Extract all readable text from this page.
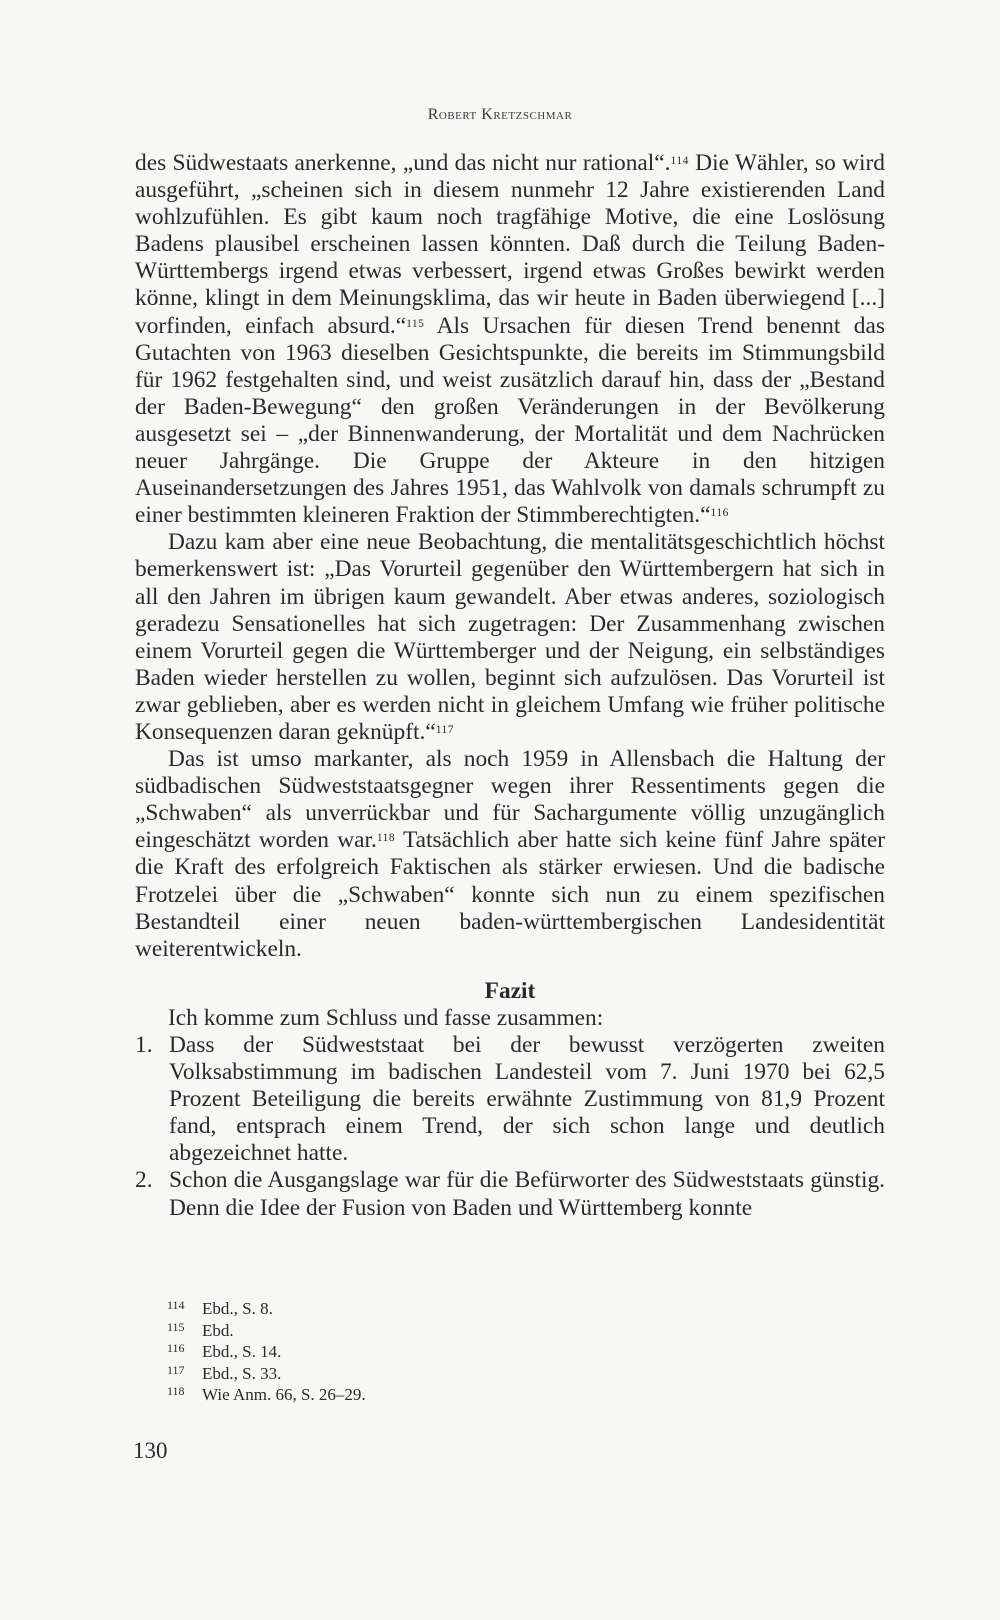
Robert Kretzschmar

des Südwestaats anerkenne, „und das nicht nur rational“.$^{114}$ Die Wähler, so wird ausgeführt, „scheinen sich in diesem nunmehr 12 Jahre existierenden Land wohlzufühlen. Es gibt kaum noch tragfähige Motive, die eine Loslösung Badens plausibel erscheinen lassen könnten. Daß durch die Teilung Baden-Württembergs irgend etwas verbessert, irgend etwas Großes bewirkt werden könne, klingt in dem Meinungsklima, das wir heute in Baden überwiegend [...] vorfinden, einfach absurd.“$^{115}$ Als Ursachen für diesen Trend benennt das Gutachten von 1963 dieselben Gesichtspunkte, die bereits im Stimmungsbild für 1962 festgehalten sind, und weist zusätzlich darauf hin, dass der „Bestand der Baden-Bewegung“ den großen Veränderungen in der Bevölkerung ausgesetzt sei – „der Binnenwanderung, der Mortalität und dem Nachrücken neuer Jahrgänge. Die Gruppe der Akteure in den hitzigen Auseinandersetzungen des Jahres 1951, das Wahlvolk von damals schrumpft zu einer bestimmten kleineren Fraktion der Stimmberechtigten.“$^{116}$

Dazu kam aber eine neue Beobachtung, die mentalitätsgeschichtlich höchst bemerkenswert ist: „Das Vorurteil gegenüber den Württembergern hat sich in all den Jahren im übrigen kaum gewandelt. Aber etwas anderes, soziologisch geradezu Sensationelles hat sich zugetragen: Der Zusammenhang zwischen einem Vorurteil gegen die Württemberger und der Neigung, ein selbständiges Baden wieder herstellen zu wollen, beginnt sich aufzulösen. Das Vorurteil ist zwar geblieben, aber es werden nicht in gleichem Umfang wie früher politische Konsequenzen daran geknüpft.“$^{117}$

Das ist umso markanter, als noch 1959 in Allensbach die Haltung der südbadischen Südweststaatsgegner wegen ihrer Ressentiments gegen die „Schwaben“ als unverrückbar und für Sachargumente völlig unzugänglich eingeschätzt worden war.$^{118}$ Tatsächlich aber hatte sich keine fünf Jahre später die Kraft des erfolgreich Faktischen als stärker erwiesen. Und die badische Frotzelei über die „Schwaben“ konnte sich nun zu einem spezifischen Bestandteil einer neuen baden-württembergischen Landesidentität weiterentwickeln.

Fazit

Ich komme zum Schluss und fasse zusammen:

1. Dass der Südweststaat bei der bewusst verzögerten zweiten Volksabstimmung im badischen Landesteil vom 7. Juni 1970 bei 62,5 Prozent Beteiligung die bereits erwähnte Zustimmung von 81,9 Prozent fand, entsprach einem Trend, der sich schon lange und deutlich abgezeichnet hatte.
2. Schon die Ausgangslage war für die Befürworter des Südweststaats günstig. Denn die Idee der Fusion von Baden und Württemberg konnte
114 Ebd., S. 8.
115 Ebd.
116 Ebd., S. 14.
117 Ebd., S. 33.
118 Wie Anm. 66, S. 26–29.
130
